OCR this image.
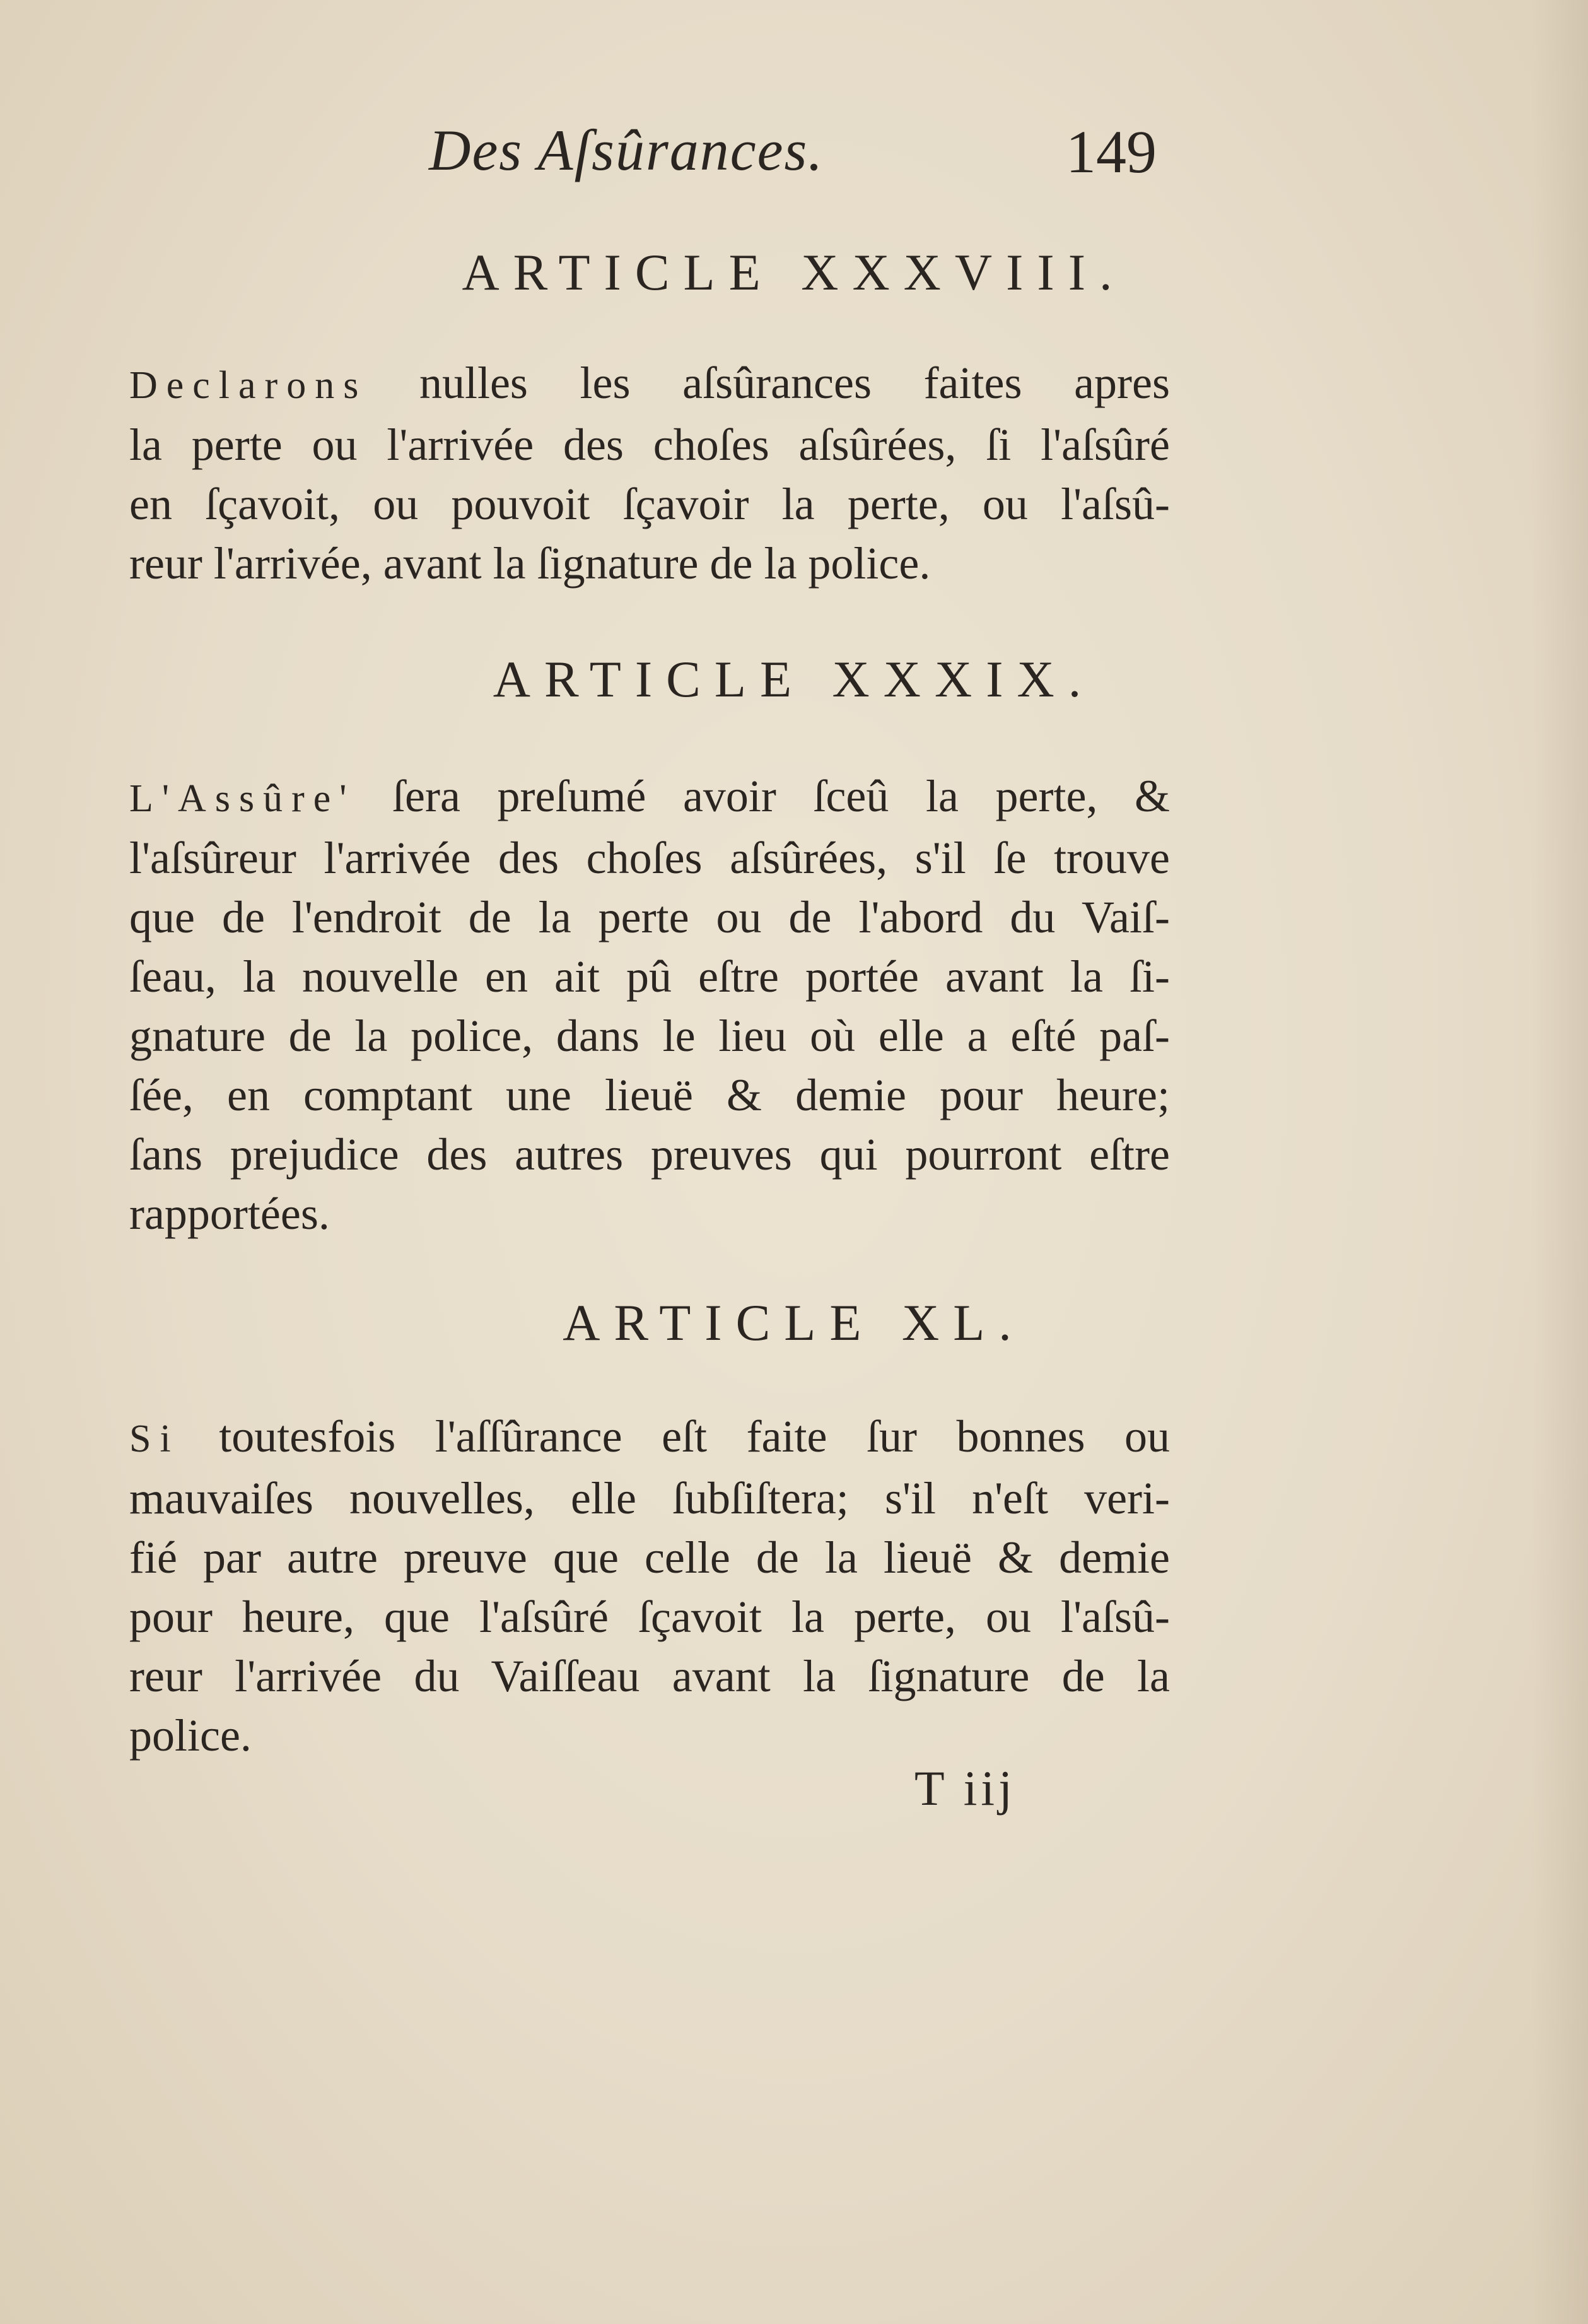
Des Aſsûrances.	149
ARTICLE XXXVIII.
Declarons nulles les aſsûrances faites apres
la perte ou l'arrivée des choſes aſsûrées, ſi l'aſsûré
en ſçavoit, ou pouvoit ſçavoir la perte, ou l'aſsû-
reur l'arrivée, avant la ſignature de la police.
ARTICLE XXXIX.
L'Assûre' ſera preſumé avoir ſceû la perte, &
l'aſsûreur l'arrivée des choſes aſsûrées, s'il ſe trouve
que de l'endroit de la perte ou de l'abord du Vaiſ-
ſeau, la nouvelle en ait pû eſtre portée avant la ſi-
gnature de la police, dans le lieu où elle a eſté paſ-
ſée, en comptant une lieuë & demie pour heure;
ſans prejudice des autres preuves qui pourront eſtre
rapportées.
ARTICLE XL.
Si toutesfois l'aſſûrance eſt faite ſur bonnes ou
mauvaiſes nouvelles, elle ſubſiſtera; s'il n'eſt veri-
fié par autre preuve que celle de la lieuë & demie
pour heure, que l'aſsûré ſçavoit la perte, ou l'aſsû-
reur l'arrivée du Vaiſſeau avant la ſignature de la
police.
T iij
